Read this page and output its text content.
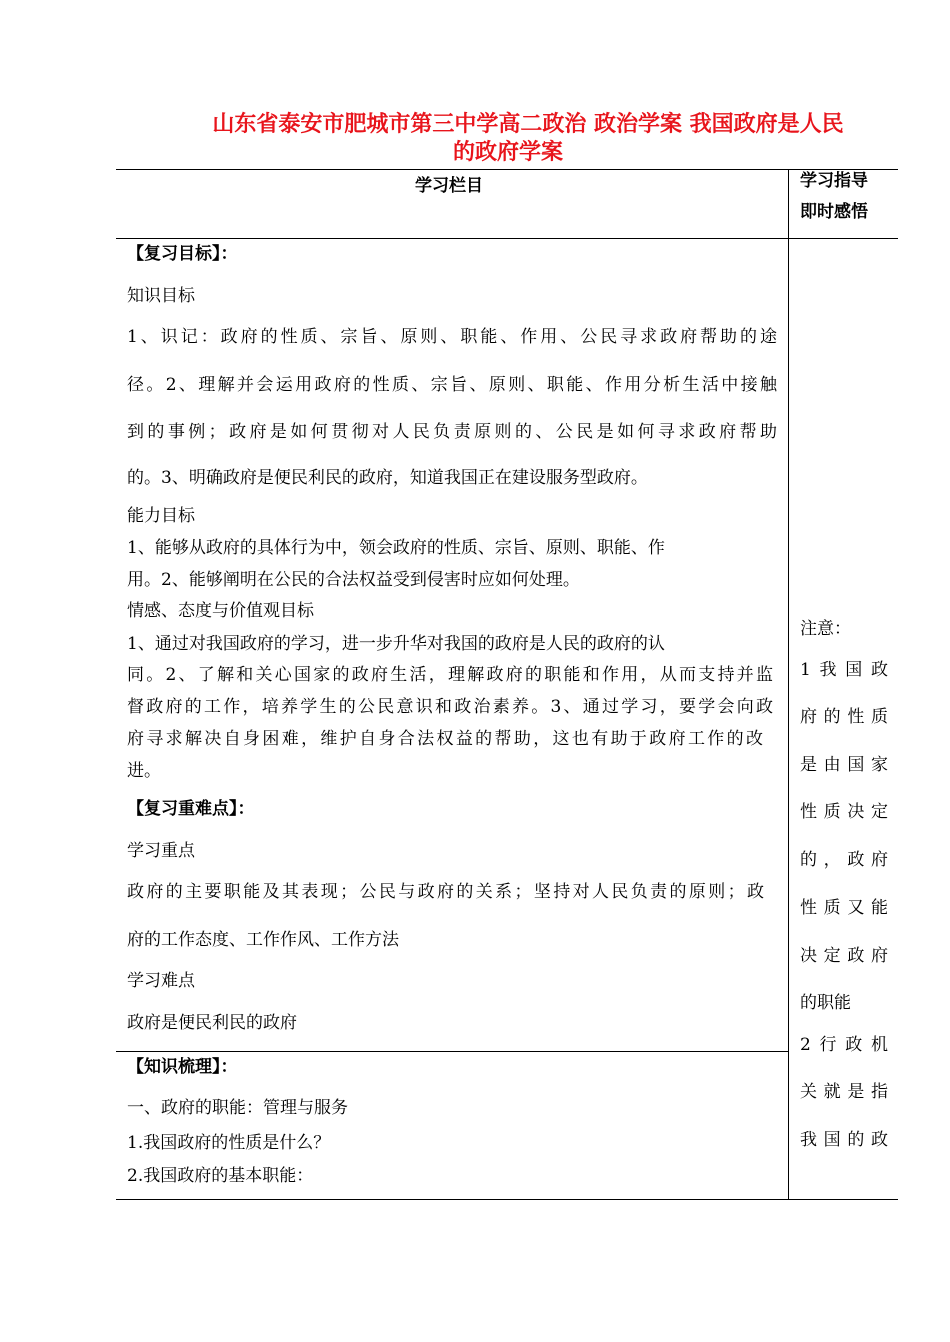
山东省泰安市肥城市第三中学高二政治 政治学案 我国政府是人民
的政府学案
学习栏目	学习指导
即时感悟
【复习目标】：
知识目标
1、识记：政府的性质、宗旨、原则、职能、作用、公民寻求政府帮助的途
径。2、理解并会运用政府的性质、宗旨、原则、职能、作用分析生活中接触
到的事例；政府是如何贯彻对人民负责原则的、公民是如何寻求政府帮助
的。3、明确政府是便民利民的政府，知道我国正在建设服务型政府。
能力目标
1、能够从政府的具体行为中，领会政府的性质、宗旨、原则、职能、作
用。2、能够阐明在公民的合法权益受到侵害时应如何处理。
情感、态度与价值观目标
1、通过对我国政府的学习，进一步升华对我国的政府是人民的政府的认
同。2、了解和关心国家的政府生活，理解政府的职能和作用，从而支持并监
督政府的工作，培养学生的公民意识和政治素养。3、通过学习，要学会向政
府寻求解决自身困难，维护自身合法权益的帮助，这也有助于政府工作的改
进。
【复习重难点】：
学习重点
政府的主要职能及其表现；公民与政府的关系；坚持对人民负责的原则；政
府的工作态度、工作作风、工作方法
学习难点
政府是便民利民的政府
【知识梳理】：
一、政府的职能：管理与服务
1.我国政府的性质是什么？
2.我国政府的基本职能：
注意：
1我国政
府的性质
是由国家
性质决定
的，政府
性质又能
决定政府
的职能
2行政机
关就是指
我国的政
